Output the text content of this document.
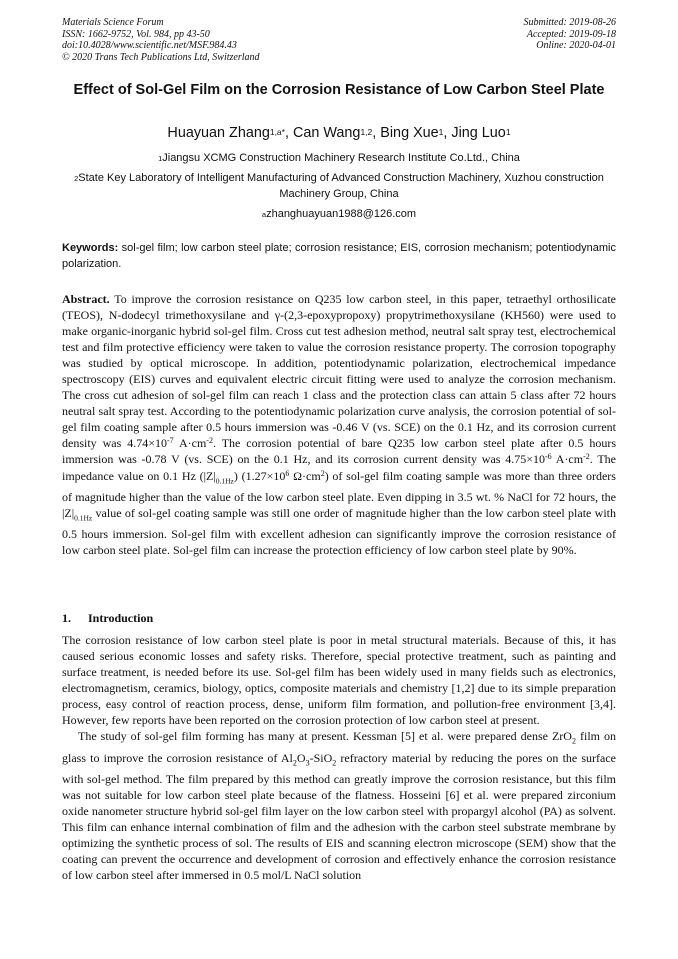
Materials Science Forum
ISSN: 1662-9752, Vol. 984, pp 43-50
doi:10.4028/www.scientific.net/MSF.984.43
© 2020 Trans Tech Publications Ltd, Switzerland
Submitted: 2019-08-26
Accepted: 2019-09-18
Online: 2020-04-01
Effect of Sol-Gel Film on the Corrosion Resistance of Low Carbon Steel Plate
Huayuan Zhang$^{1,a*}$, Can Wang$^{1,2}$, Bing Xue$^1$, Jing Luo$^1$
$^1$Jiangsu XCMG Construction Machinery Research Institute Co.Ltd., China
$^2$State Key Laboratory of Intelligent Manufacturing of Advanced Construction Machinery, Xuzhou construction Machinery Group, China
$^a$zhanghuayuan1988@126.com
Keywords: sol-gel film; low carbon steel plate; corrosion resistance; EIS, corrosion mechanism; potentiodynamic polarization.
Abstract. To improve the corrosion resistance on Q235 low carbon steel, in this paper, tetraethyl orthosilicate (TEOS), N-dodecyl trimethoxysilane and γ-(2,3-epoxypropoxy) propytrimethoxysilane (KH560) were used to make organic-inorganic hybrid sol-gel film. Cross cut test adhesion method, neutral salt spray test, electrochemical test and film protective efficiency were taken to value the corrosion resistance property. The corrosion topography was studied by optical microscope. In addition, potentiodynamic polarization, electrochemical impedance spectroscopy (EIS) curves and equivalent electric circuit fitting were used to analyze the corrosion mechanism. The cross cut adhesion of sol-gel film can reach 1 class and the protection class can attain 5 class after 72 hours neutral salt spray test. According to the potentiodynamic polarization curve analysis, the corrosion potential of sol-gel film coating sample after 0.5 hours immersion was -0.46 V (vs. SCE) on the 0.1 Hz, and its corrosion current density was $4.74\times 10^{-7}$ $A\cdot cm^{-2}$. The corrosion potential of bare Q235 low carbon steel plate after 0.5 hours immersion was -0.78 V (vs. SCE) on the 0.1 Hz, and its corrosion current density was $4.75\times 10^{-6}$ $A\cdot cm^{-2}$. The impedance value on 0.1 Hz $(|Z|_{0.1Hz})$ ($1.27\times 10^6$ $\Omega\cdot cm^2$) of sol-gel film coating sample was more than three orders of magnitude higher than the value of the low carbon steel plate. Even dipping in 3.5 wt. % NaCl for 72 hours, the $|Z|_{0.1Hz}$ value of sol-gel coating sample was still one order of magnitude higher than the low carbon steel plate with 0.5 hours immersion. Sol-gel film with excellent adhesion can significantly improve the corrosion resistance of low carbon steel plate. Sol-gel film can increase the protection efficiency of low carbon steel plate by 90%.
1. Introduction

The corrosion resistance of low carbon steel plate is poor in metal structural materials. Because of this, it has caused serious economic losses and safety risks. Therefore, special protective treatment, such as painting and surface treatment, is needed before its use. Sol-gel film has been widely used in many fields such as electronics, electromagnetism, ceramics, biology, optics, composite materials and chemistry [1,2] due to its simple preparation process, easy control of reaction process, dense, uniform film formation, and pollution-free environment [3,4]. However, few reports have been reported on the corrosion protection of low carbon steel at present.

The study of sol-gel film forming has many at present. Kessman [5] et al. were prepared dense ZrO$_2$ film on glass to improve the corrosion resistance of $Al_2O_3-SiO_2$ refractory material by reducing the pores on the surface with sol-gel method. The film prepared by this method can greatly improve the corrosion resistance, but this film was not suitable for low carbon steel plate because of the flatness. Hosseini [6] et al. were prepared zirconium oxide nanometer structure hybrid sol-gel film layer on the low carbon steel with propargyl alcohol (PA) as solvent. This film can enhance internal combination of film and the adhesion with the carbon steel substrate membrane by optimizing the synthetic process of sol. The results of EIS and scanning electron microscope (SEM) show that the coating can prevent the occurrence and development of corrosion and effectively enhance the corrosion resistance of low carbon steel after immersed in 0.5 mol/L NaCl solution
